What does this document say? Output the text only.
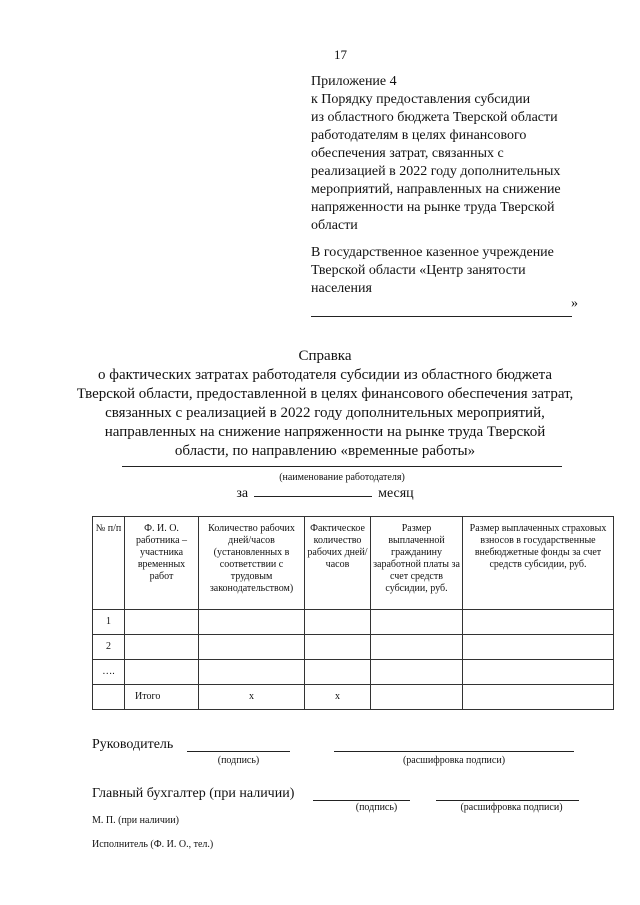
17
Приложение 4
к Порядку предоставления субсидии
из областного бюджета Тверской области
работодателям в целях финансового
обеспечения затрат, связанных с
реализацией в 2022 году дополнительных
мероприятий, направленных на снижение
напряженности на рынке труда Тверской
области
В государственное казенное учреждение
Тверской области «Центр занятости
населения
»
Справка
о фактических затратах работодателя субсидии из областного бюджета
Тверской области, предоставленной в целях финансового обеспечения затрат,
связанных с реализацией в 2022 году дополнительных мероприятий,
направленных на снижение напряженности на рынке труда Тверской
области, по направлению «временные работы»
(наименование работодателя)
за	месяц
№ п/п	Ф. И. О. работника – участника временных работ	Количество рабочих дней/часов (установленных в соответствии с трудовым законодательством)	Фактическое количество рабочих дней/часов	Размер выплаченной гражданину заработной платы за счет средств субсидии, руб.	Размер выплаченных страховых взносов в государственные внебюджетные фонды за счет средств субсидии, руб.
1					
2					
….					
	Итого	x	x		
Руководитель
(подпись)	(расшифровка подписи)
Главный бухгалтер (при наличии)
(подпись)	(расшифровка подписи)
М. П. (при наличии)
Исполнитель (Ф. И. О., тел.)
